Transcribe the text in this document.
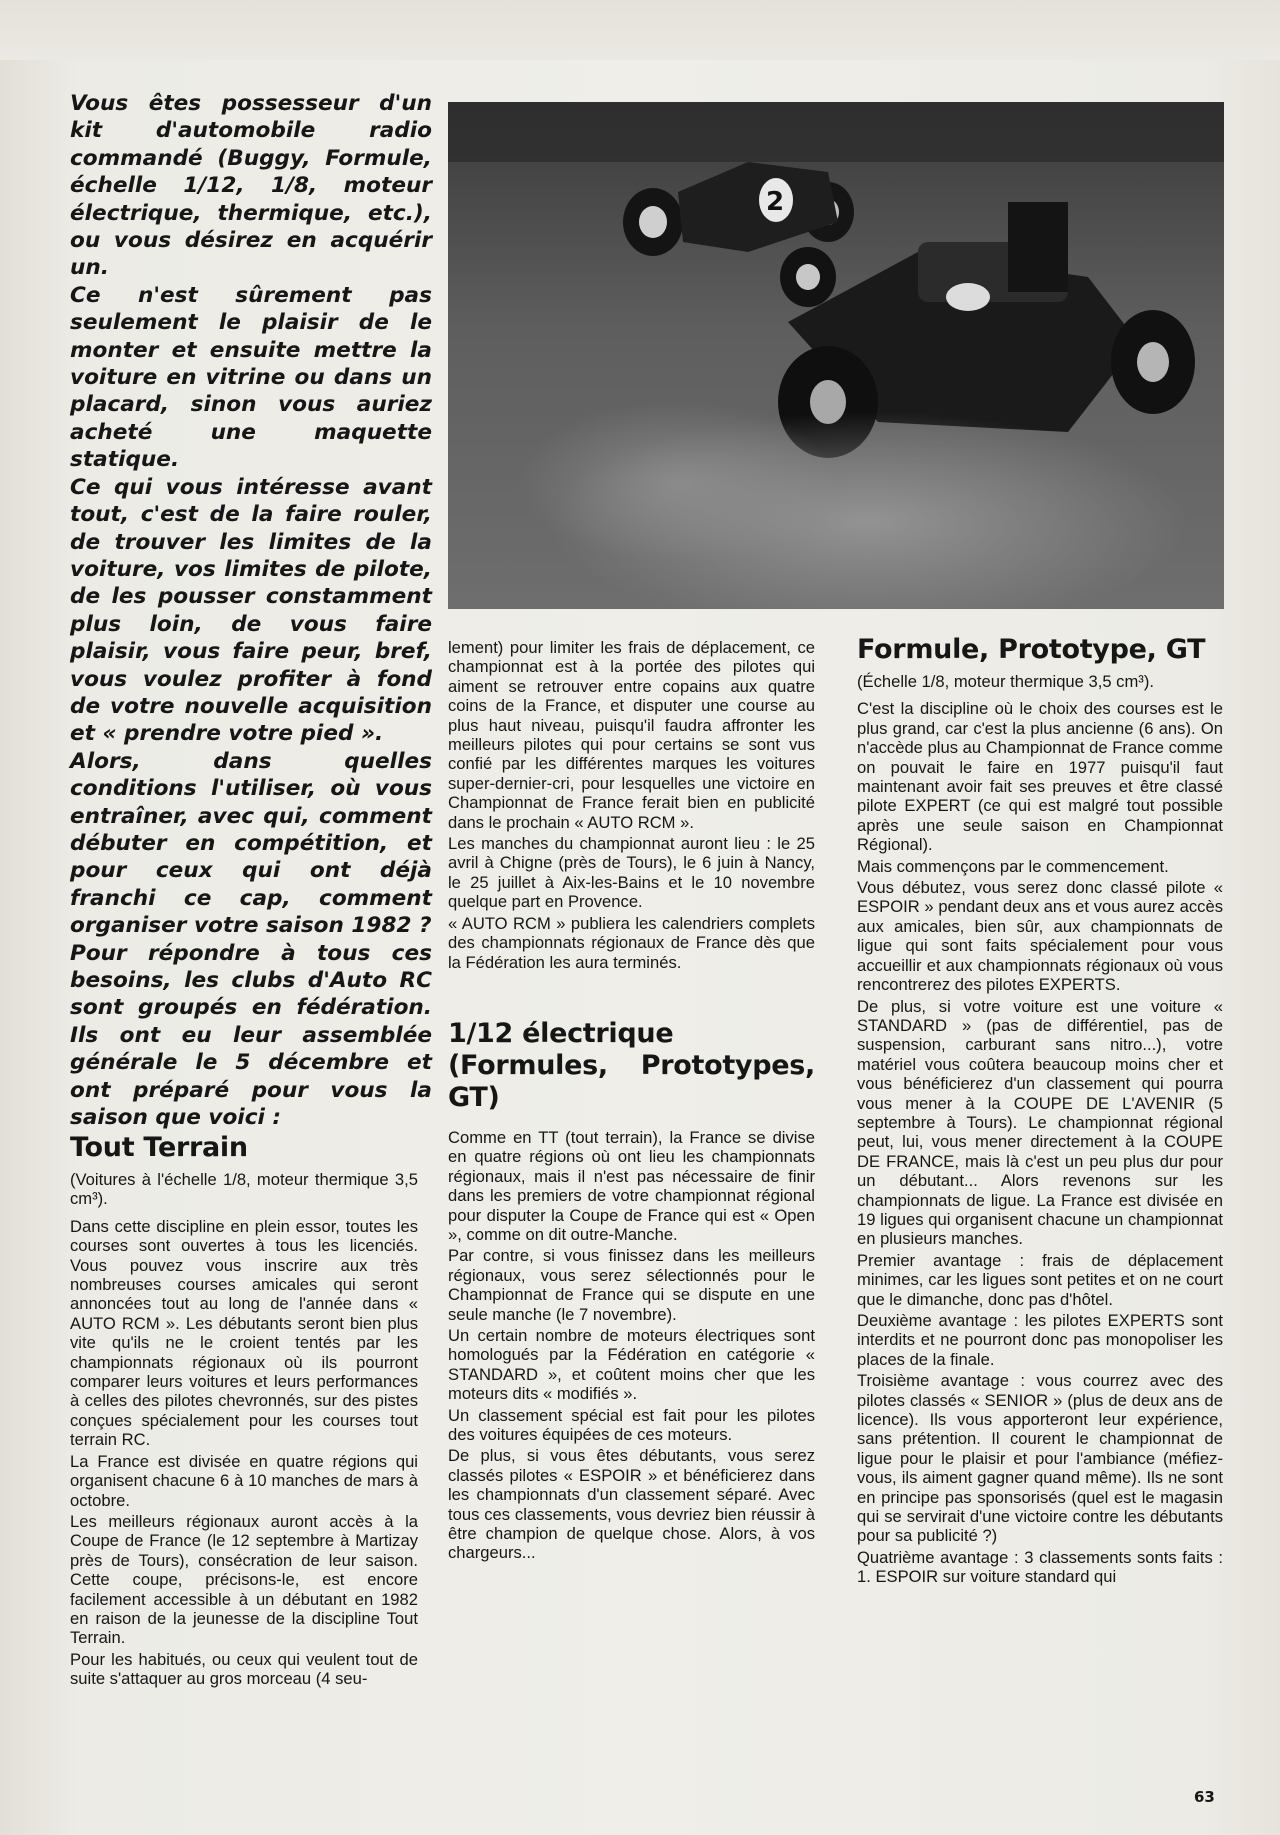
Vous êtes possesseur d'un kit d'automobile radio commandé (Buggy, Formule, échelle 1/12, 1/8, moteur électrique, thermique, etc.), ou vous désirez en acquérir un.

Ce n'est sûrement pas seulement le plaisir de le monter et ensuite mettre la voiture en vitrine ou dans un placard, sinon vous auriez acheté une maquette statique.

Ce qui vous intéresse avant tout, c'est de la faire rouler, de trouver les limites de la voiture, vos limites de pilote, de les pousser constamment plus loin, de vous faire plaisir, vous faire peur, bref, vous voulez profiter à fond de votre nouvelle acquisition et « prendre votre pied ».

Alors, dans quelles conditions l'utiliser, où vous entraîner, avec qui, comment débuter en compétition, et pour ceux qui ont déjà franchi ce cap, comment organiser votre saison 1982 ?

Pour répondre à tous ces besoins, les clubs d'Auto RC sont groupés en fédération. Ils ont eu leur assemblée générale le 5 décembre et ont préparé pour vous la saison que voici :

2
Tout Terrain

(Voitures à l'échelle 1/8, moteur thermique 3,5 cm³).

Dans cette discipline en plein essor, toutes les courses sont ouvertes à tous les licenciés. Vous pouvez vous inscrire aux très nombreuses courses amicales qui seront annoncées tout au long de l'année dans « AUTO RCM ». Les débutants seront bien plus vite qu'ils ne le croient tentés par les championnats régionaux où ils pourront comparer leurs voitures et leurs performances à celles des pilotes chevronnés, sur des pistes conçues spécialement pour les courses tout terrain RC.

La France est divisée en quatre régions qui organisent chacune 6 à 10 manches de mars à octobre.

Les meilleurs régionaux auront accès à la Coupe de France (le 12 septembre à Martizay près de Tours), consécration de leur saison. Cette coupe, précisons-le, est encore facilement accessible à un débutant en 1982 en raison de la jeunesse de la discipline Tout Terrain.

Pour les habitués, ou ceux qui veulent tout de suite s'attaquer au gros morceau (4 seu-

lement) pour limiter les frais de déplacement, ce championnat est à la portée des pilotes qui aiment se retrouver entre copains aux quatre coins de la France, et disputer une course au plus haut niveau, puisqu'il faudra affronter les meilleurs pilotes qui pour certains se sont vus confié par les différentes marques les voitures super-dernier-cri, pour lesquelles une victoire en Championnat de France ferait bien en publicité dans le prochain « AUTO RCM ».

Les manches du championnat auront lieu : le 25 avril à Chigne (près de Tours), le 6 juin à Nancy, le 25 juillet à Aix-les-Bains et le 10 novembre quelque part en Provence.

« AUTO RCM » publiera les calendriers complets des championnats régionaux de France dès que la Fédération les aura terminés.

1/12 électrique
(Formules, Prototypes, GT)

Comme en TT (tout terrain), la France se divise en quatre régions où ont lieu les championnats régionaux, mais il n'est pas nécessaire de finir dans les premiers de votre championnat régional pour disputer la Coupe de France qui est « Open », comme on dit outre-Manche.

Par contre, si vous finissez dans les meilleurs régionaux, vous serez sélectionnés pour le Championnat de France qui se dispute en une seule manche (le 7 novembre).

Un certain nombre de moteurs électriques sont homologués par la Fédération en catégorie « STANDARD », et coûtent moins cher que les moteurs dits « modifiés ».

Un classement spécial est fait pour les pilotes des voitures équipées de ces moteurs.

De plus, si vous êtes débutants, vous serez classés pilotes « ESPOIR » et bénéficierez dans les championnats d'un classement séparé. Avec tous ces classements, vous devriez bien réussir à être champion de quelque chose. Alors, à vos chargeurs...

Formule, Prototype, GT

(Échelle 1/8, moteur thermique 3,5 cm³).

C'est la discipline où le choix des courses est le plus grand, car c'est la plus ancienne (6 ans). On n'accède plus au Championnat de France comme on pouvait le faire en 1977 puisqu'il faut maintenant avoir fait ses preuves et être classé pilote EXPERT (ce qui est malgré tout possible après une seule saison en Championnat Régional).

Mais commençons par le commencement.

Vous débutez, vous serez donc classé pilote « ESPOIR » pendant deux ans et vous aurez accès aux amicales, bien sûr, aux championnats de ligue qui sont faits spécialement pour vous accueillir et aux championnats régionaux où vous rencontrerez des pilotes EXPERTS.

De plus, si votre voiture est une voiture « STANDARD » (pas de différentiel, pas de suspension, carburant sans nitro...), votre matériel vous coûtera beaucoup moins cher et vous bénéficierez d'un classement qui pourra vous mener à la COUPE DE L'AVENIR (5 septembre à Tours). Le championnat régional peut, lui, vous mener directement à la COUPE DE FRANCE, mais là c'est un peu plus dur pour un débutant... Alors revenons sur les championnats de ligue. La France est divisée en 19 ligues qui organisent chacune un championnat en plusieurs manches.

Premier avantage : frais de déplacement minimes, car les ligues sont petites et on ne court que le dimanche, donc pas d'hôtel.

Deuxième avantage : les pilotes EXPERTS sont interdits et ne pourront donc pas monopoliser les places de la finale.

Troisième avantage : vous courrez avec des pilotes classés « SENIOR » (plus de deux ans de licence). Ils vous apporteront leur expérience, sans prétention. Il courent le championnat de ligue pour le plaisir et pour l'ambiance (méfiez-vous, ils aiment gagner quand même). Ils ne sont en principe pas sponsorisés (quel est le magasin qui se servirait d'une victoire contre les débutants pour sa publicité ?)

Quatrième avantage : 3 classements sonts faits : 1. ESPOIR sur voiture standard qui

63
